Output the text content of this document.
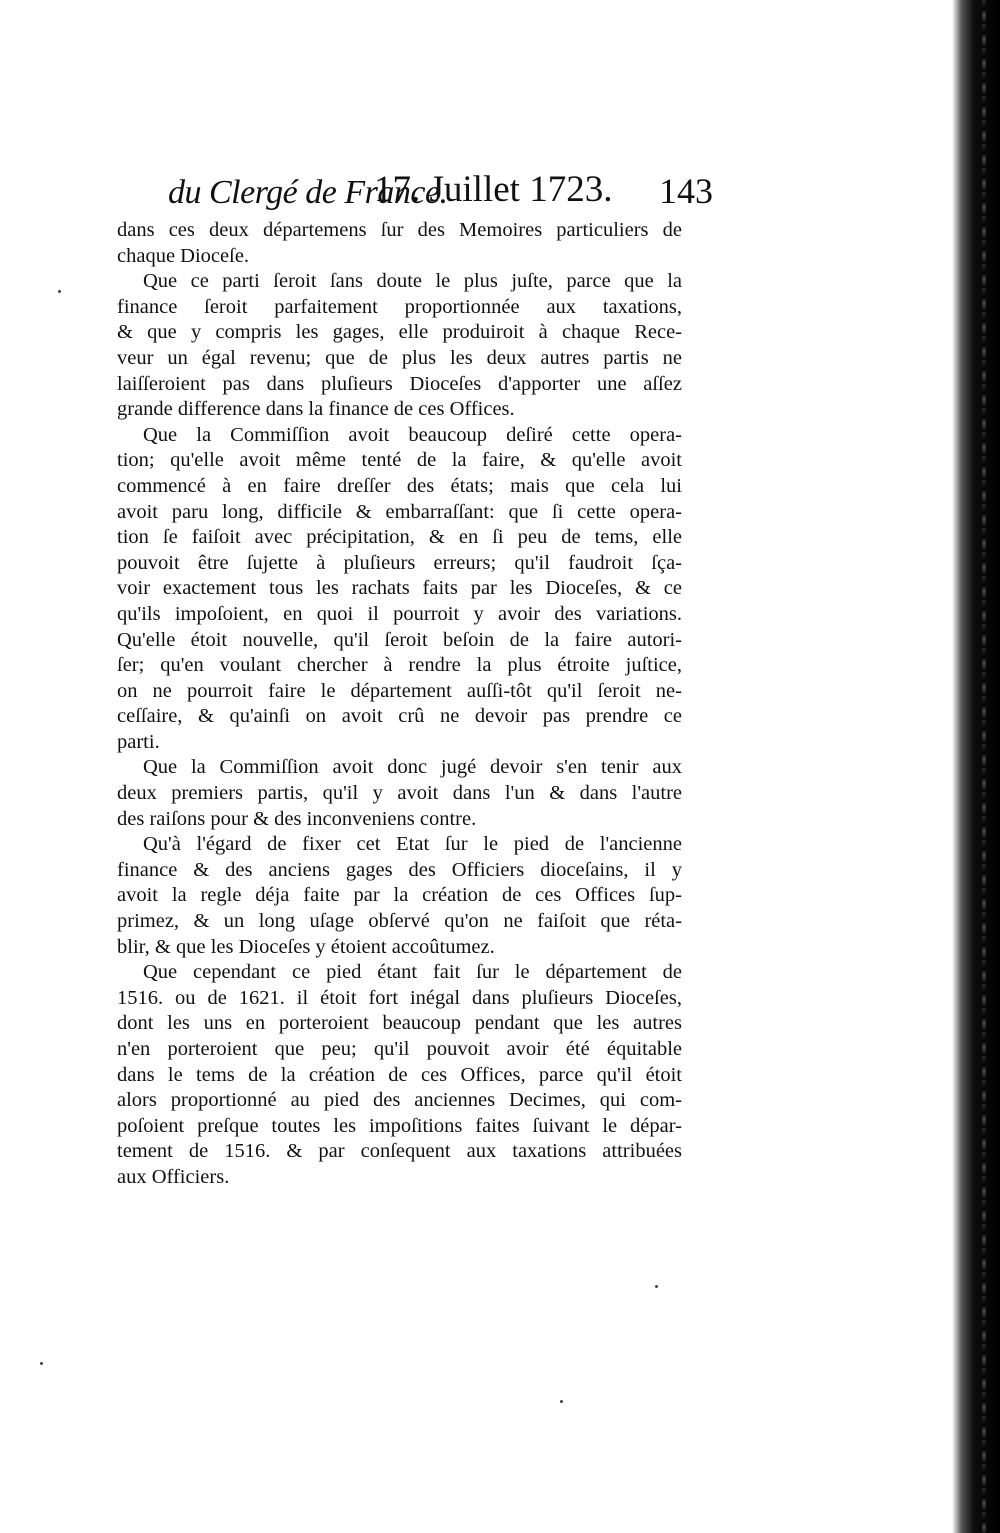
du Clergé de France.
17. Juillet 1723. 143
dans ces deux départemens ſur des Memoires particuliers de
chaque Dioceſe.
Que ce parti ſeroit ſans doute le plus juſte, parce que la
finance ſeroit parfaitement proportionnée aux taxations,
& que y compris les gages, elle produiroit à chaque Rece-
veur un égal revenu; que de plus les deux autres partis ne
laiſſeroient pas dans pluſieurs Dioceſes d'apporter une aſſez
grande difference dans la finance de ces Offices.
Que la Commiſſion avoit beaucoup deſiré cette opera-
tion; qu'elle avoit même tenté de la faire, & qu'elle avoit
commencé à en faire dreſſer des états; mais que cela lui
avoit paru long, difficile & embarraſſant: que ſi cette opera-
tion ſe faiſoit avec précipitation, & en ſi peu de tems, elle
pouvoit être ſujette à pluſieurs erreurs; qu'il faudroit ſça-
voir exactement tous les rachats faits par les Dioceſes, & ce
qu'ils impoſoient, en quoi il pourroit y avoir des variations.
Qu'elle étoit nouvelle, qu'il ſeroit beſoin de la faire autori-
ſer; qu'en voulant chercher à rendre la plus étroite juſtice,
on ne pourroit faire le département auſſi-tôt qu'il ſeroit ne-
ceſſaire, & qu'ainſi on avoit crû ne devoir pas prendre ce
parti.
Que la Commiſſion avoit donc jugé devoir s'en tenir aux
deux premiers partis, qu'il y avoit dans l'un & dans l'autre
des raiſons pour & des inconveniens contre.
Qu'à l'égard de fixer cet Etat ſur le pied de l'ancienne
finance & des anciens gages des Officiers dioceſains, il y
avoit la regle déja faite par la création de ces Offices ſup-
primez, & un long uſage obſervé qu'on ne faiſoit que réta-
blir, & que les Dioceſes y étoient accoûtumez.
Que cependant ce pied étant fait ſur le département de
1516. ou de 1621. il étoit fort inégal dans pluſieurs Dioceſes,
dont les uns en porteroient beaucoup pendant que les autres
n'en porteroient que peu; qu'il pouvoit avoir été équitable
dans le tems de la création de ces Offices, parce qu'il étoit
alors proportionné au pied des anciennes Decimes, qui com-
poſoient preſque toutes les impoſitions faites ſuivant le dépar-
tement de 1516. & par conſequent aux taxations attribuées
aux Officiers.
